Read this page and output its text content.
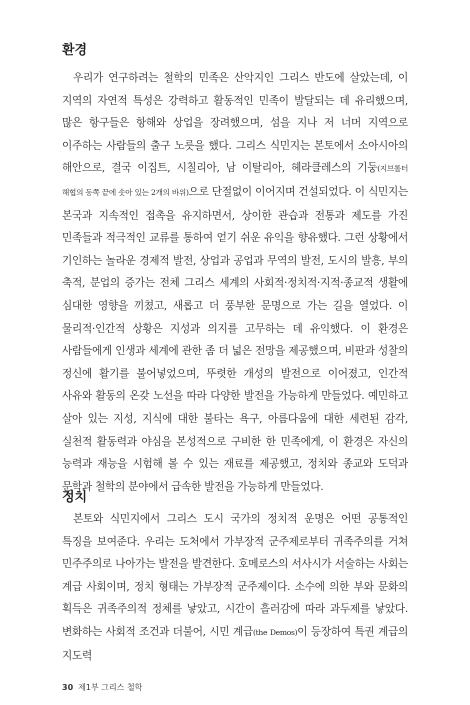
환경

우리가 연구하려는 철학의 민족은 산악지인 그리스 반도에 살았는데, 이 지역의 자연적 특성은 강력하고 활동적인 민족이 발달되는 데 유리했으며, 많은 항구들은 항해와 상업을 장려했으며, 섬을 지나 저 너머 지역으로 이주하는 사람들의 출구 노릇을 했다. 그리스 식민지는 본토에서 소아시아의 해안으로, 결국 이집트, 시칠리아, 남 이탈리아, 헤라클레스의 기둥(지브롤터 해협의 동쪽 끝에 솟아 있는 2개의 바위)으로 단절없이 이어지며 건설되었다. 이 식민지는 본국과 지속적인 접촉을 유지하면서, 상이한 관습과 전통과 제도를 가진 민족들과 적극적인 교류를 통하여 얻기 쉬운 유익을 향유했다. 그런 상황에서 기인하는 놀라운 경제적 발전, 상업과 공업과 무역의 발전, 도시의 발흥, 부의 축적, 분업의 증가는 전체 그리스 세계의 사회적·정치적·지적·종교적 생활에 심대한 영향을 끼쳤고, 새롭고 더 풍부한 문명으로 가는 길을 열었다. 이 물리적·인간적 상황은 지성과 의지를 고무하는 데 유익했다. 이 환경은 사람들에게 인생과 세계에 관한 좀 더 넓은 전망을 제공했으며, 비판과 성찰의 정신에 활기를 불어넣었으며, 뚜렷한 개성의 발전으로 이어졌고, 인간적 사유와 활동의 온갖 노선을 따라 다양한 발전을 가능하게 만들었다. 예민하고 살아 있는 지성, 지식에 대한 불타는 욕구, 아름다움에 대한 세련된 감각, 실천적 활동력과 야심을 본성적으로 구비한 한 민족에게, 이 환경은 자신의 능력과 재능을 시험해 볼 수 있는 재료를 제공했고, 정치와 종교와 도덕과 문학과 철학의 분야에서 급속한 발전을 가능하게 만들었다.

정치

본토와 식민지에서 그리스 도시 국가의 정치적 운명은 어떤 공통적인 특징을 보여준다. 우리는 도처에서 가부장적 군주제로부터 귀족주의를 거쳐 민주주의로 나아가는 발전을 발견한다. 호메로스의 서사시가 서술하는 사회는 계급 사회이며, 정치 형태는 가부장적 군주제이다. 소수에 의한 부와 문화의 획득은 귀족주의적 정체를 낳았고, 시간이 흘러감에 따라 과두제를 낳았다. 변화하는 사회적 조건과 더불어, 시민 계급(the Demos)이 등장하여 특권 계급의 지도력

30 제1부 그리스 철학
